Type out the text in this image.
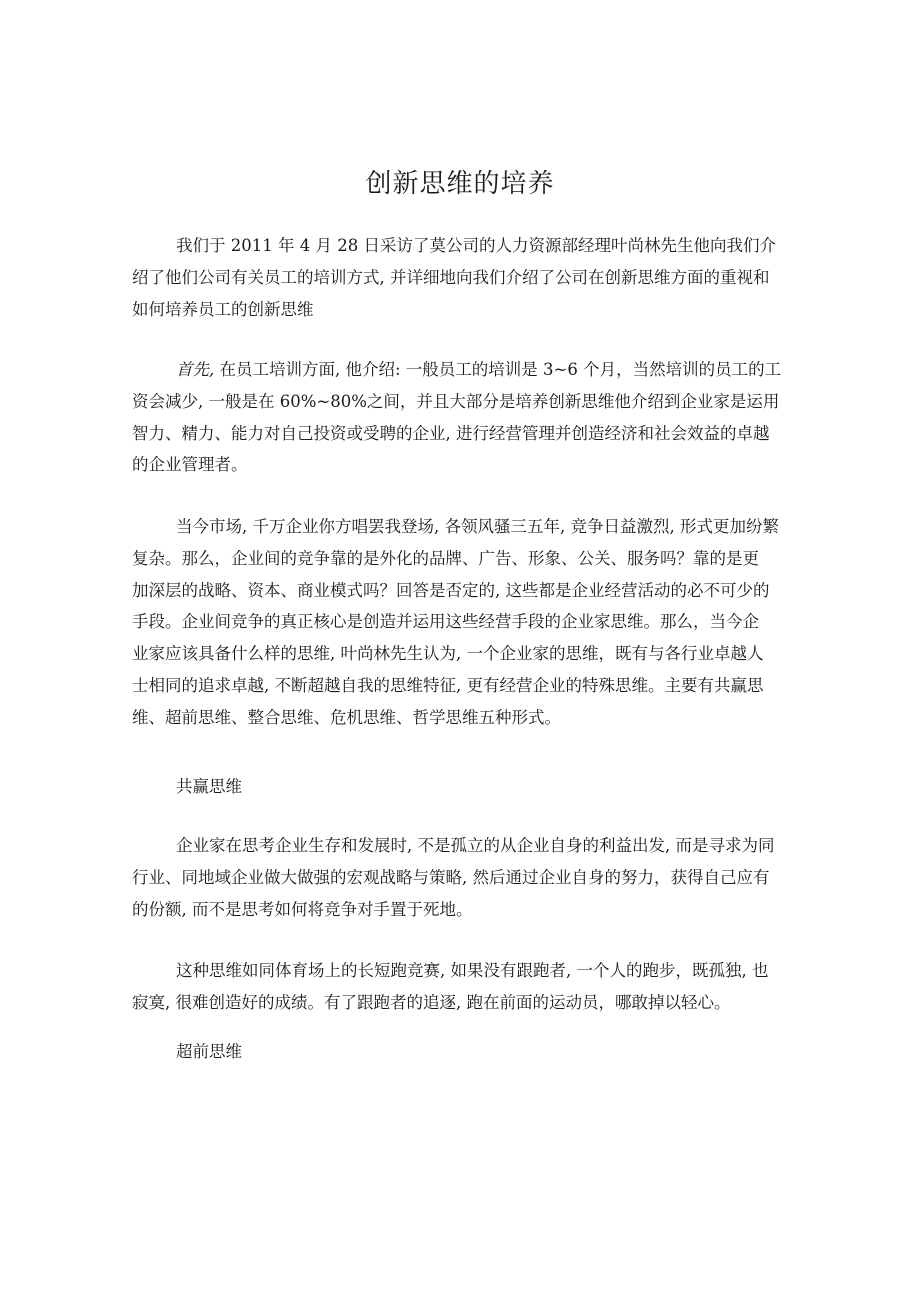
创新思维的培养
我们于 2011 年 4 月 28 日采访了莫公司的人力资源部经理叶尚林先生他向我们介
绍了他们公司有关员工的培训方式, 并详细地向我们介绍了公司在创新思维方面的重视和
如何培养员工的创新思维
首先, 在员工培训方面, 他介绍: 一般员工的培训是 3~6 个月，当然培训的员工的工
资会减少, 一般是在 60%~80%之间，并且大部分是培养创新思维他介绍到企业家是运用
智力、精力、能力对自己投资或受聘的企业, 进行经营管理并创造经济和社会效益的卓越
的企业管理者。
当今市场, 千万企业你方唱罢我登场, 各领风骚三五年, 竞争日益激烈, 形式更加纷繁
复杂。那么，企业间的竞争靠的是外化的品牌、广告、形象、公关、服务吗？靠的是更
加深层的战略、资本、商业模式吗？回答是否定的, 这些都是企业经营活动的必不可少的
手段。企业间竞争的真正核心是创造并运用这些经营手段的企业家思维。那么，当今企
业家应该具备什么样的思维, 叶尚林先生认为, 一个企业家的思维，既有与各行业卓越人
士相同的追求卓越, 不断超越自我的思维特征, 更有经营企业的特殊思维。主要有共赢思
维、超前思维、整合思维、危机思维、哲学思维五种形式。
共赢思维
企业家在思考企业生存和发展时, 不是孤立的从企业自身的利益出发, 而是寻求为同
行业、同地域企业做大做强的宏观战略与策略, 然后通过企业自身的努力，获得自己应有
的份额, 而不是思考如何将竞争对手置于死地。
这种思维如同体育场上的长短跑竞赛, 如果没有跟跑者, 一个人的跑步，既孤独, 也
寂寞, 很难创造好的成绩。有了跟跑者的追逐, 跑在前面的运动员，哪敢掉以轻心。
超前思维
